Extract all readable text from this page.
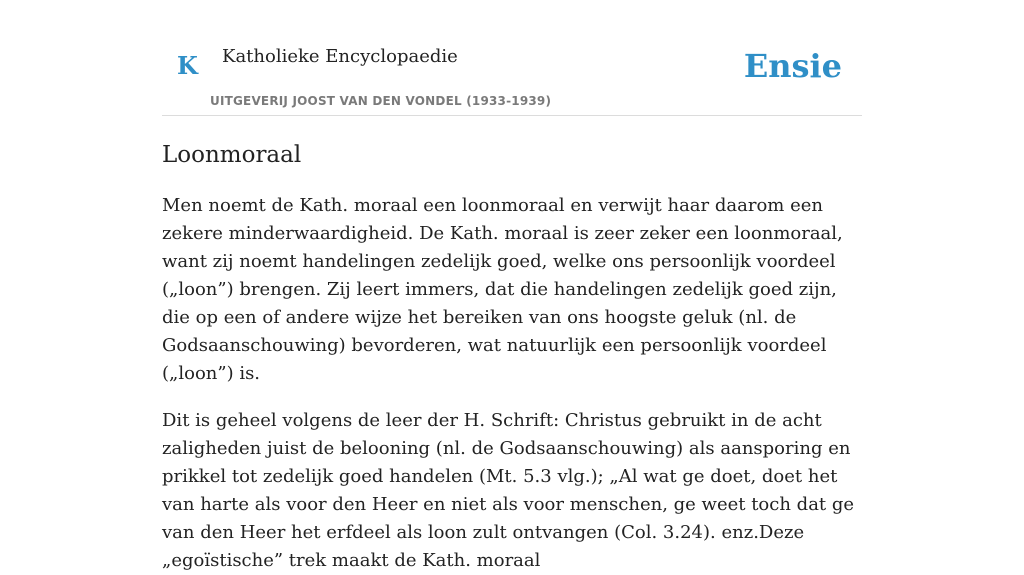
K Katholieke Encyclopaedie
UITGEVERIJ JOOST VAN DEN VONDEL (1933-1939)
Ensie
Loonmoraal

Men noemt de Kath. moraal een loonmoraal en verwijt haar daarom een zekere minderwaardigheid. De Kath. moraal is zeer zeker een loonmoraal, want zij noemt handelingen zedelijk goed, welke ons persoonlijk voordeel („loon”) brengen. Zij leert immers, dat die handelingen zedelijk goed zijn, die op een of andere wijze het bereiken van ons hoogste geluk (nl. de Godsaanschouwing) bevorderen, wat natuurlijk een persoonlijk voordeel („loon”) is.

Dit is geheel volgens de leer der H. Schrift: Christus gebruikt in de acht zaligheden juist de belooning (nl. de Godsaanschouwing) als aansporing en prikkel tot zedelijk goed handelen (Mt. 5.3 vlg.); „Al wat ge doet, doet het van harte als voor den Heer en niet als voor menschen, ge weet toch dat ge van den Heer het erfdeel als loon zult ontvangen (Col. 3.24). enz.Deze „egoïstische” trek maakt de Kath. moraal
